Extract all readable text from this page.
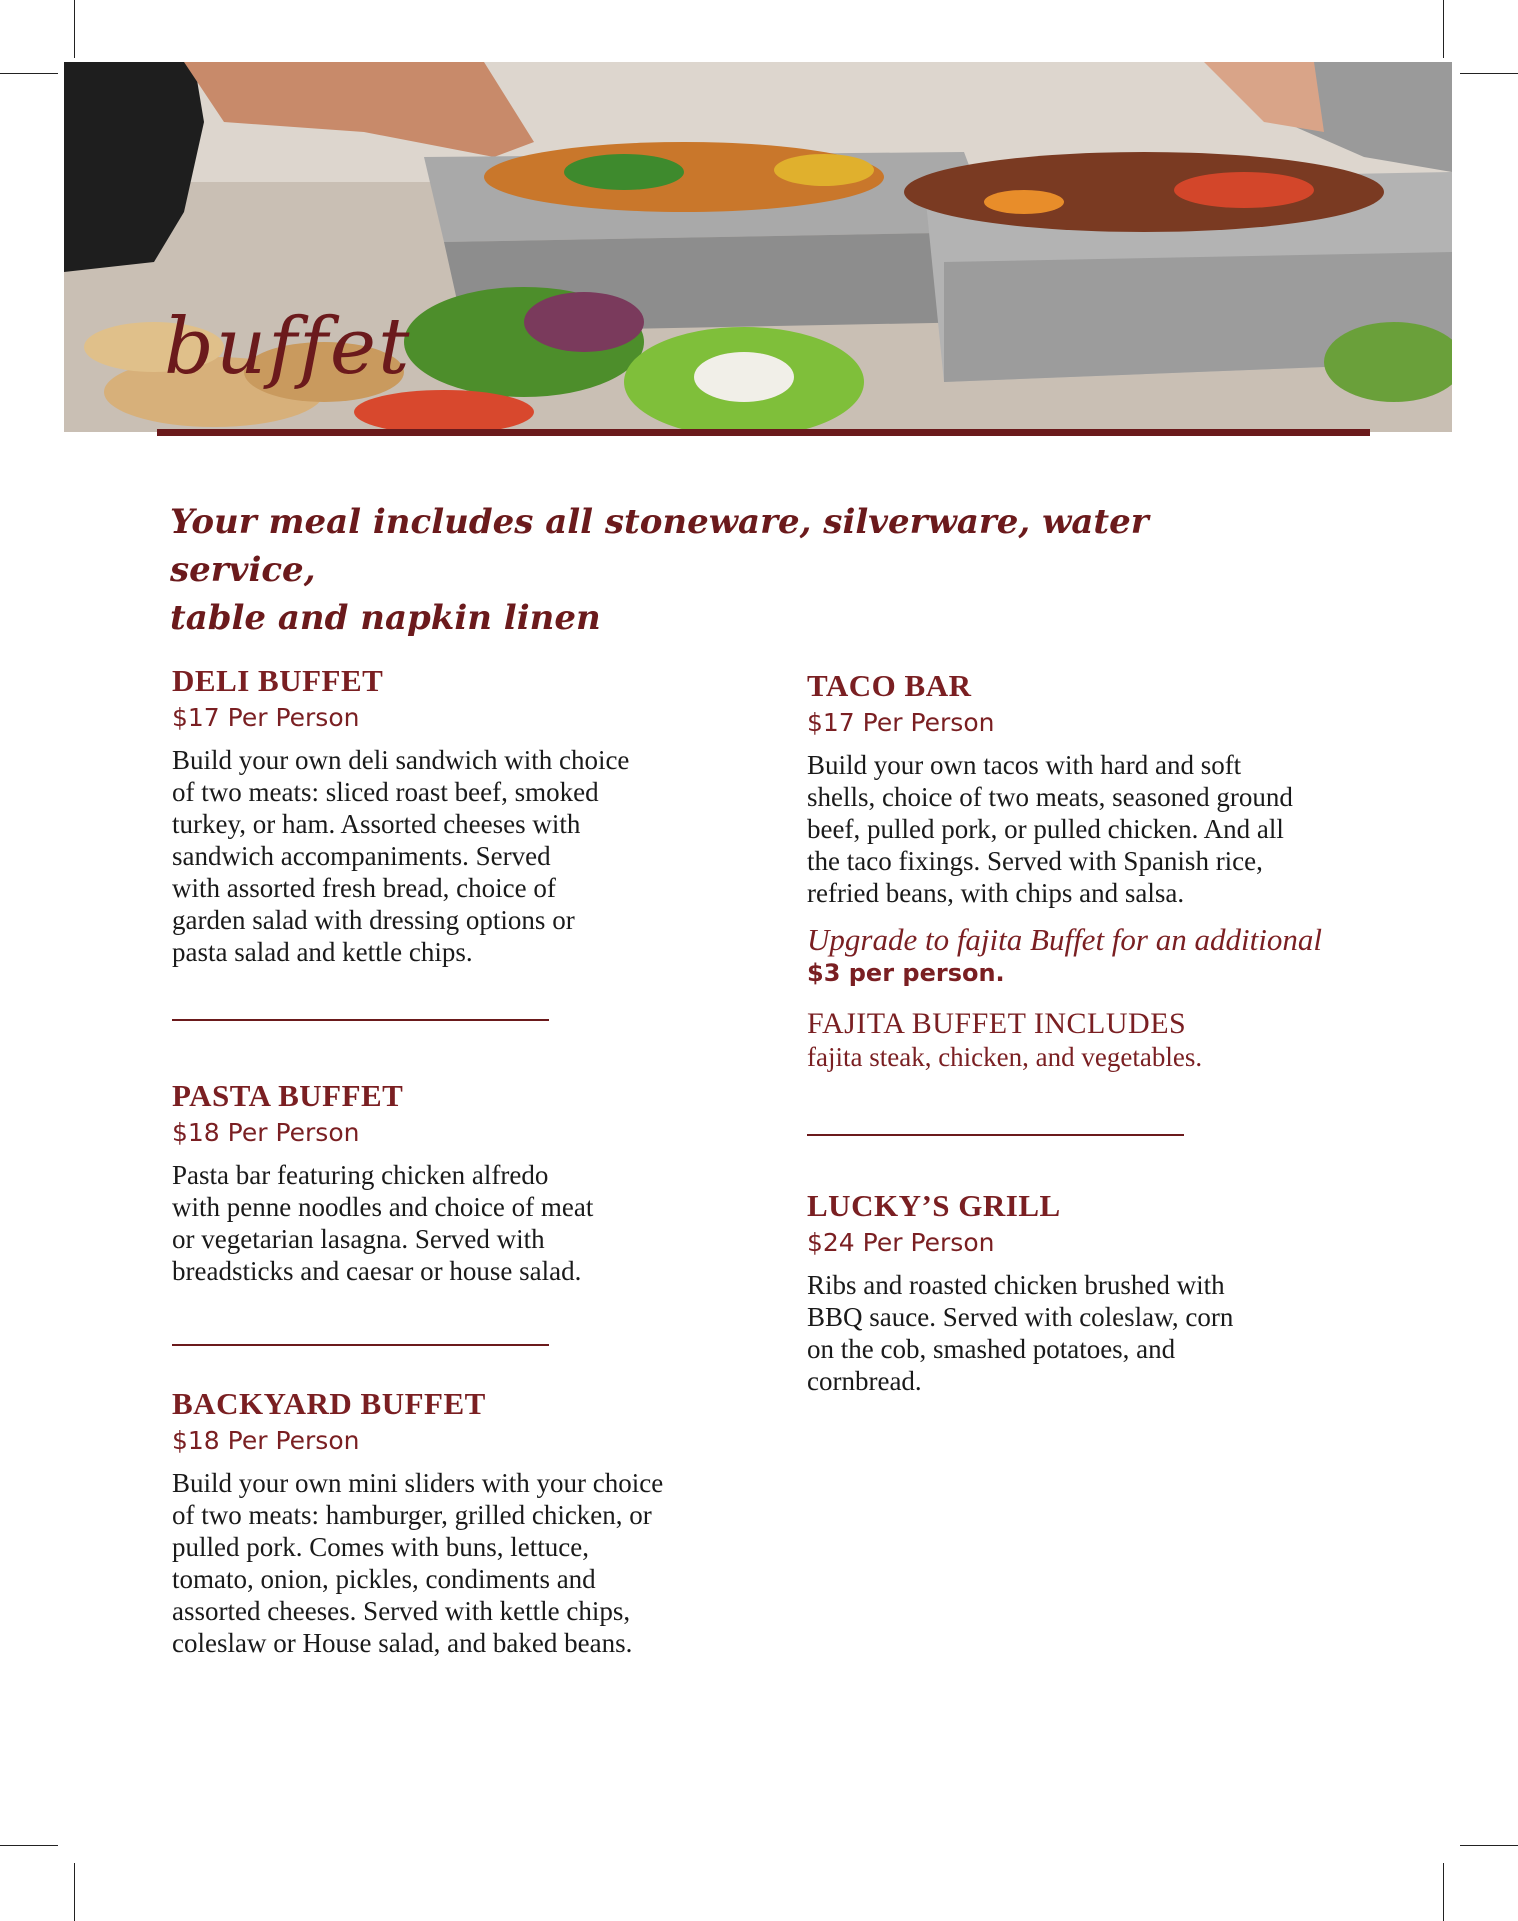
buffet
Your meal includes all stoneware, silverware, water service,
table and napkin linen
DELI BUFFET
$17 Per Person
Build your own deli sandwich with choice
of two meats: sliced roast beef, smoked
turkey, or ham. Assorted cheeses with
sandwich accompaniments. Served
with assorted fresh bread, choice of
garden salad with dressing options or
pasta salad and kettle chips.
PASTA BUFFET
$18 Per Person
Pasta bar featuring chicken alfredo
with penne noodles and choice of meat
or vegetarian lasagna. Served with
breadsticks and caesar or house salad.
BACKYARD BUFFET
$18 Per Person
Build your own mini sliders with your choice
of two meats: hamburger, grilled chicken, or
pulled pork. Comes with buns, lettuce,
tomato, onion, pickles, condiments and
assorted cheeses. Served with kettle chips,
coleslaw or House salad, and baked beans.
TACO BAR
$17 Per Person
Build your own tacos with hard and soft
shells, choice of two meats, seasoned ground
beef, pulled pork, or pulled chicken. And all
the taco fixings. Served with Spanish rice,
refried beans, with chips and salsa.
Upgrade to fajita Buffet for an additional
$3 per person.
FAJITA BUFFET INCLUDES
fajita steak, chicken, and vegetables.
LUCKY’S GRILL
$24 Per Person
Ribs and roasted chicken brushed with
BBQ sauce. Served with coleslaw, corn
on the cob, smashed potatoes, and
cornbread.
